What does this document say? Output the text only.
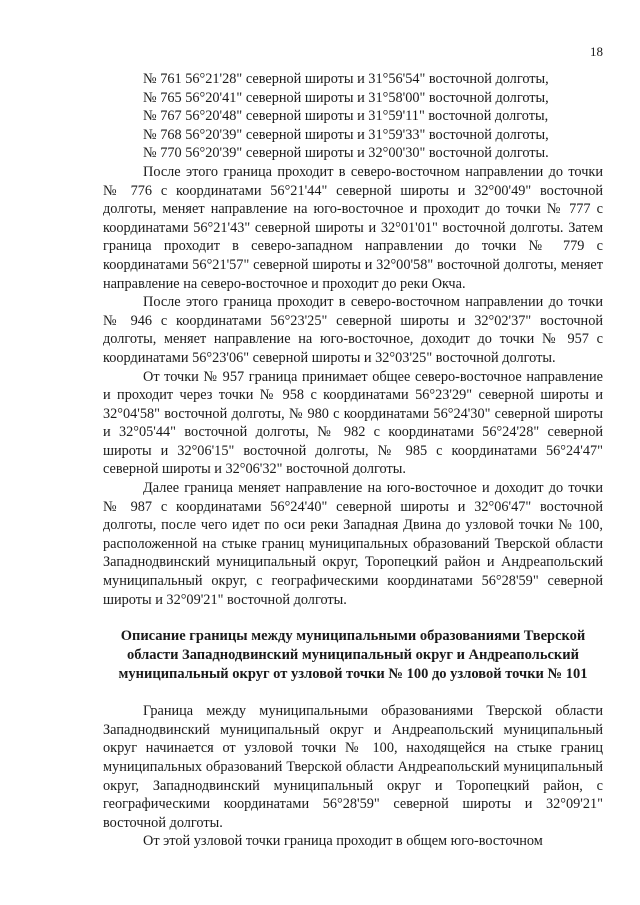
18

№ 761 56°21'28" северной широты и 31°56'54" восточной долготы,

№ 765 56°20'41" северной широты и 31°58'00" восточной долготы,

№ 767 56°20'48" северной широты и 31°59'11" восточной долготы,

№ 768 56°20'39" северной широты и 31°59'33" восточной долготы,

№ 770 56°20'39" северной широты и 32°00'30" восточной долготы.

После этого граница проходит в северо-восточном направлении до точки № 776 с координатами 56°21'44" северной широты и 32°00'49" восточной долготы, меняет направление на юго-восточное и проходит до точки № 777 с координатами 56°21'43" северной широты и 32°01'01" восточной долготы. Затем граница проходит в северо-западном направлении до точки № 779 с координатами 56°21'57" северной широты и 32°00'58" восточной долготы, меняет направление на северо-восточное и проходит до реки Окча.

После этого граница проходит в северо-восточном направлении до точки № 946 с координатами 56°23'25" северной широты и 32°02'37" восточной долготы, меняет направление на юго-восточное, доходит до точки № 957 с координатами 56°23'06" северной широты и 32°03'25" восточной долготы.

От точки № 957 граница принимает общее северо-восточное направление и проходит через точки № 958 с координатами 56°23'29" северной широты и 32°04'58" восточной долготы, № 980 с координатами 56°24'30" северной широты и 32°05'44" восточной долготы, № 982 с координатами 56°24'28" северной широты и 32°06'15" восточной долготы, № 985 с координатами 56°24'47" северной широты и 32°06'32" восточной долготы.

Далее граница меняет направление на юго-восточное и доходит до точки № 987 с координатами 56°24'40" северной широты и 32°06'47" восточной долготы, после чего идет по оси реки Западная Двина до узловой точки № 100, расположенной на стыке границ муниципальных образований Тверской области Западнодвинский муниципальный округ, Торопецкий район и Андреапольский муниципальный округ, с географическими координатами 56°28'59" северной широты и 32°09'21" восточной долготы.

Описание границы между муниципальными образованиями Тверской области Западнодвинский муниципальный округ и Андреапольский муниципальный округ от узловой точки № 100 до узловой точки № 101

Граница между муниципальными образованиями Тверской области Западнодвинский муниципальный округ и Андреапольский муниципальный округ начинается от узловой точки № 100, находящейся на стыке границ муниципальных образований Тверской области Андреапольский муниципальный округ, Западнодвинский муниципальный округ и Торопецкий район, с географическими координатами 56°28'59" северной широты и 32°09'21" восточной долготы.

От этой узловой точки граница проходит в общем юго-восточном
